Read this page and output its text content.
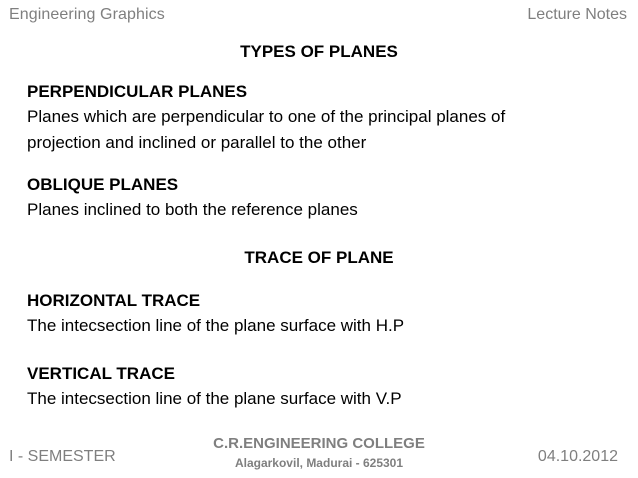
Engineering Graphics	Lecture Notes
TYPES OF PLANES
PERPENDICULAR PLANES
Planes which are perpendicular to one of the principal planes of
projection and inclined or parallel to the other
OBLIQUE PLANES
Planes inclined to both the reference planes
TRACE OF PLANE
HORIZONTAL TRACE
The intecsection line of the plane surface with H.P
VERTICAL TRACE
The intecsection line of the plane surface with V.P
I - SEMESTER
C.R.ENGINEERING COLLEGE
Alagarkovil, Madurai - 625301	04.10.2012
